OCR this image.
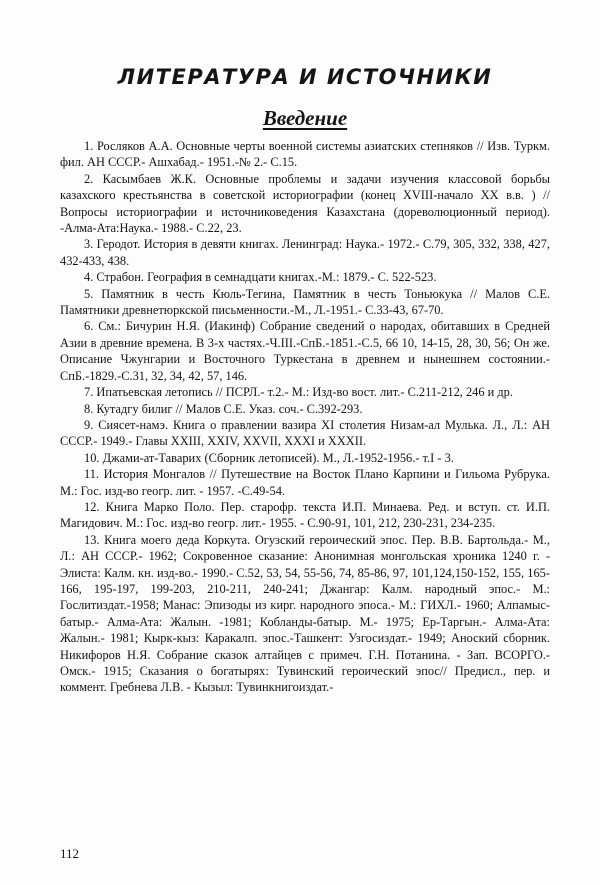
ЛИТЕРАТУРА И ИСТОЧНИКИ
Введение

1. Росляков А.А. Основные черты военной системы азиатских степняков // Изв. Туркм. фил. АН СССР.- Ашхабад.- 1951.-№ 2.- С.15.

2. Касымбаев Ж.К. Основные проблемы и задачи изучения классовой борьбы казахского крестьянства в советской историографии (конец XVIII-начало XX в.в. ) // Вопросы историографии и источниковедения Казахстана (дореволюционный период). -Алма-Ата:Наука.- 1988.- С.22, 23.

3. Геродот. История в девяти книгах. Ленинград: Наука.- 1972.- С.79, 305, 332, 338, 427, 432-433, 438.

4. Страбон. География в семнадцати книгах.-М.: 1879.- С. 522-523.

5. Памятник в честь Кюль-Тегина, Памятник в честь Тоньюкука // Малов С.Е. Памятники древнетюркской письменности.-М., Л.-1951.- С.33-43, 67-70.

6. См.: Бичурин Н.Я. (Иакинф) Собрание сведений о народах, обитавших в Средней Азии в древние времена. В 3-х частях.-Ч.III.-СпБ.-1851.-С.5, 66 10, 14-15, 28, 30, 56; Он же. Описание Чжунгарии и Восточного Туркестана в древнем и нынешнем состоянии.-СпБ.-1829.-С.31, 32, 34, 42, 57, 146.

7. Ипатьевская летопись // ПСРЛ.- т.2.- М.: Изд-во вост. лит.- С.211-212, 246 и др.

8. Кутадгу билиг // Малов С.Е. Указ. соч.- С.392-293.

9. Сиясет-намэ. Книга о правлении вазира XI столетия Низам-ал Мулька. Л., Л.: АН СССР.- 1949.- Главы XXIII, XXIV, XXVII, XXXI и XXXII.

10. Джами-ат-Таварих (Сборник летописей). М., Л.-1952-1956.- т.I - 3.

11. История Монгалов // Путешествие на Восток Плано Карпини и Гильома Рубрука. М.: Гос. изд-во геогр. лит. - 1957. -С.49-54.

12. Книга Марко Поло. Пер. старофр. текста И.П. Минаева. Ред. и вступ. ст. И.П. Магидович. М.: Гос. изд-во геогр. лит.- 1955. - С.90-91, 101, 212, 230-231, 234-235.

13. Книга моего деда Коркута. Огузский героический эпос. Пер. В.В. Бартольда.- М., Л.: АН СССР.- 1962; Сокровенное сказание: Анонимная монгольская хроника 1240 г. - Элиста: Калм. кн. изд-во.- 1990.- С.52, 53, 54, 55-56, 74, 85-86, 97, 101,124,150-152, 155, 165-166, 195-197, 199-203, 210-211, 240-241; Джангар: Калм. народный эпос.- М.: Гослитиздат.-1958; Манас: Эпизоды из кирг. народного эпоса.- М.: ГИХЛ.- 1960; Алпамыс-батыр.- Алма-Ата: Жалын. -1981; Кобланды-батыр. М.- 1975; Ер-Таргын.- Алма-Ата: Жалын.- 1981; Кырк-кыз: Каракалп. эпос.-Ташкент: Узгосиздат.- 1949; Аноский сборник. Никифоров Н.Я. Собрание сказок алтайцев с примеч. Г.Н. Потанина. - Зап. ВСОРГО.- Омск.- 1915; Сказания о богатырях: Тувинский героический эпос// Предисл., пер. и коммент. Гребнева Л.В. - Кызыл: Тувинкнигоиздат.-

112
